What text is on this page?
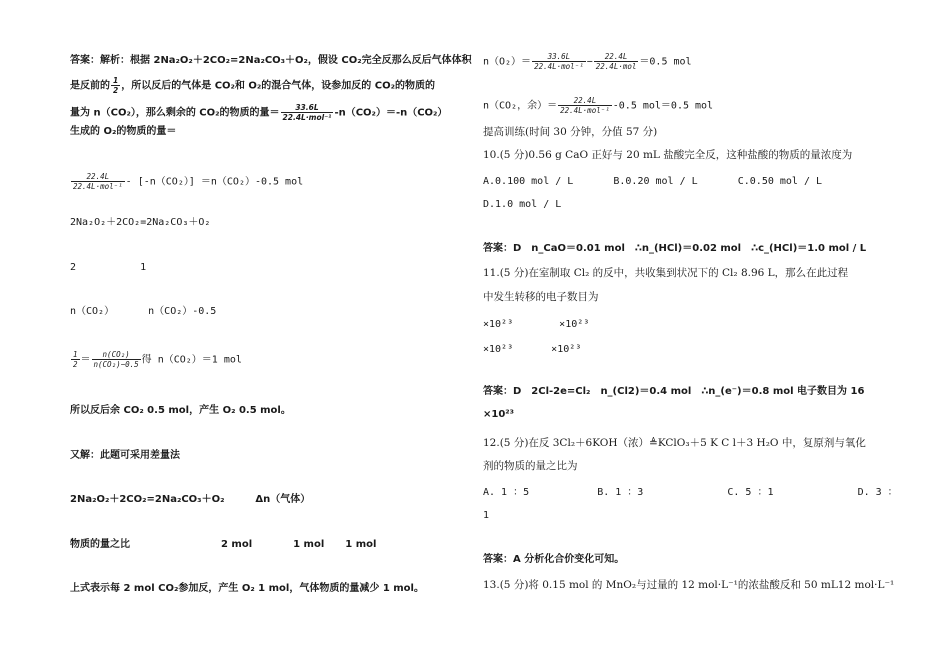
答案：解析：根据 2Na₂O₂＋2CO₂=2Na₂CO₃＋O₂，假设 CO₂完全反那么反后气体体积
是反前的 $\frac{1}{2}$ ，所以反后的气体是 CO₂和 O₂的混合气体，设参加反的 CO₂的物质的
量为 n（CO₂），那么剩余的 CO₂的物质的量＝ $\frac{33.6L}{\text{22.4L·mol⁻¹}} -n(CO_2)=-n(CO_2)$
生成的 O₂的物质的量＝
$\frac{22.4L}{\text{22.4L·mol⁻¹}} - [-n(CO_2)] =n(CO_2)-0.5$ mol
2Na₂O₂＋2CO₂=2Na₂CO₃＋O₂
2	1
n（CO₂）	n（CO₂）-0.5
$\frac{1}{2} = \frac{\text{n(CO₂)}}{\text{n(CO₂)−0.5}}$ 得 n（CO₂）＝1 mol
所以反后余 CO₂ 0.5 mol，产生 O₂ 0.5 mol。
又解：此题可采用差量法
2Na₂O₂＋2CO₂=2Na₂CO₃＋O₂	Δn（气体）
物质的量之比	2 mol	1 mol 1 mol
上式表示每 2 mol CO₂参加反，产生 O₂ 1 mol，气体物质的量减少 1 mol。
$n(O_2)= \frac{33.6L}{\text{22.4L·mol⁻¹}} - \frac{22.4L}{\text{22.4L·mol}} =0.5$ mol
n（CO₂，余）＝ $\frac{22.4L}{\text{22.4L·mol⁻¹}} -0.5$ mol＝0.5 mol
提高训练(时间 30 分钟，分值 57 分)
10.(5 分)0.56 g CaO 正好与 20 mL 盐酸完全反，这种盐酸的物质的量浓度为
A.0.100 mol / L	B.0.20 mol / L	C.0.50 mol / L
D.1.0 mol / L
答案：D　n_CaO＝0.01 mol　∴n_(HCl)＝0.02 mol　∴c_(HCl)＝1.0 mol / L
11.(5 分)在室制取 Cl₂ 的反中，共收集到状况下的 Cl₂ 8.96 L，那么在此过程
中发生转移的电子数目为
×10²³	×10²³
×10²³	×10²³
答案：D　2Cl-2e=Cl₂　n_(Cl2)＝0.4 mol　∴n_(e⁻)＝0.8 mol 电子数目为 16
×10²³
12.(5 分)在反 3Cl₂＋6KOH（浓）≜KClO₃＋5 K C l＋3 H₂O 中，复原剂与氧化
剂的物质的量之比为
A. 1 ：5	B. 1 ：3	C. 5 ：1	D. 3 ：
1
答案：A 分析化合价变化可知。
13.(5 分)将 0.15 mol 的 MnO₂与过量的 12 mol·L⁻¹的浓盐酸反和 50 mL12 mol·L⁻¹
